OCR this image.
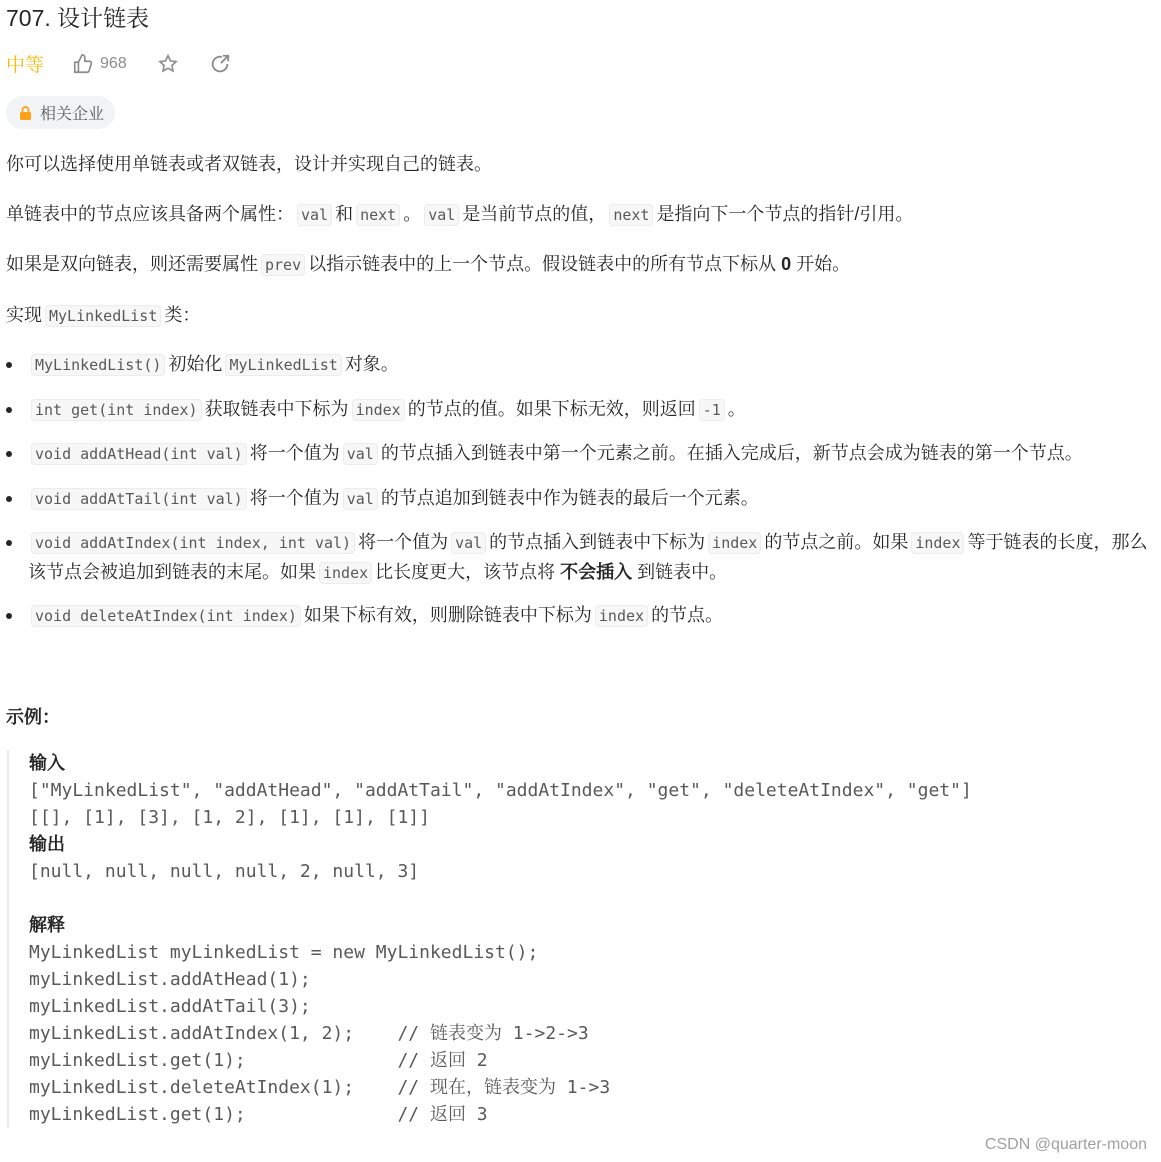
707. 设计链表
中等	968
相关企业
你可以选择使用单链表或者双链表，设计并实现自己的链表。
单链表中的节点应该具备两个属性： val 和 next 。 val 是当前节点的值， next 是指向下一个节点的指针/引用。
如果是双向链表，则还需要属性 prev 以指示链表中的上一个节点。假设链表中的所有节点下标从 0 开始。
实现 MyLinkedList 类：
MyLinkedList() 初始化 MyLinkedList 对象。
int get(int index) 获取链表中下标为 index 的节点的值。如果下标无效，则返回 -1 。
void addAtHead(int val) 将一个值为 val 的节点插入到链表中第一个元素之前。在插入完成后，新节点会成为链表的第一个节点。
void addAtTail(int val) 将一个值为 val 的节点追加到链表中作为链表的最后一个元素。
void addAtIndex(int index, int val) 将一个值为 val 的节点插入到链表中下标为 index 的节点之前。如果 index 等于链表的长度，那么该节点会被追加到链表的末尾。如果 index 比长度更大，该节点将 不会插入 到链表中。
void deleteAtIndex(int index) 如果下标有效，则删除链表中下标为 index 的节点。
示例：
输入
["MyLinkedList", "addAtHead", "addAtTail", "addAtIndex", "get", "deleteAtIndex", "get"]
[[], [1], [3], [1, 2], [1], [1], [1]]
输出
[null, null, null, null, 2, null, 3]
解释
MyLinkedList myLinkedList = new MyLinkedList();
myLinkedList.addAtHead(1);
myLinkedList.addAtTail(3);
myLinkedList.addAtIndex(1, 2);    // 链表变为 1->2->3
myLinkedList.get(1);              // 返回 2
myLinkedList.deleteAtIndex(1);    // 现在，链表变为 1->3
myLinkedList.get(1);              // 返回 3
CSDN @quarter-moon
